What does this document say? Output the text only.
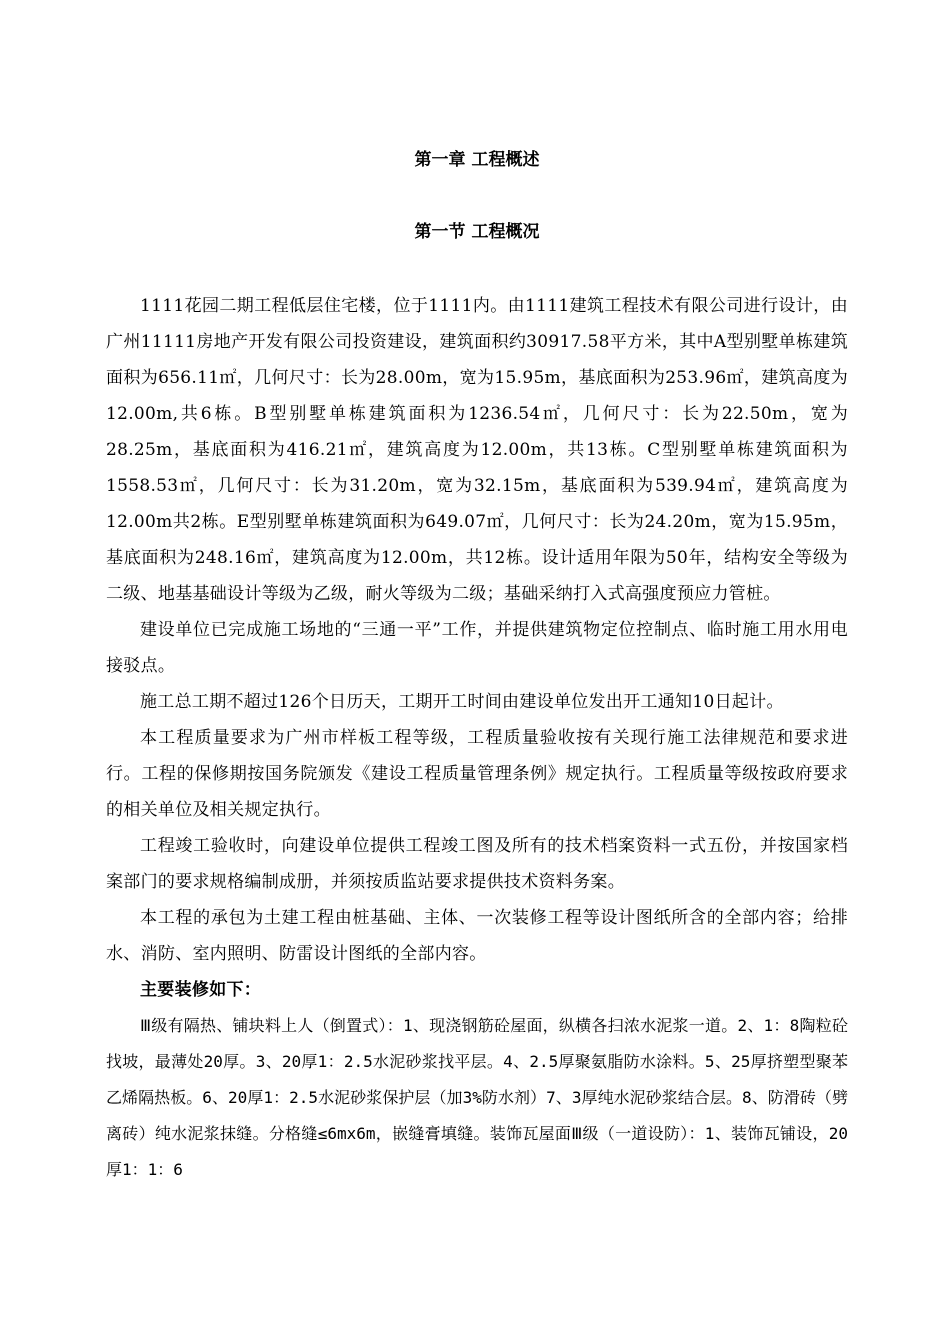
第一章 工程概述
第一节 工程概况

1111花园二期工程低层住宅楼，位于1111内。由1111建筑工程技术有限公司进行设计，由广州11111房地产开发有限公司投资建设，建筑面积约30917.58平方米，其中A型别墅单栋建筑面积为656.11㎡，几何尺寸：长为28.00m，宽为15.95m，基底面积为253.96㎡，建筑高度为12.00m,共6栋。B型别墅单栋建筑面积为1236.54㎡，几何尺寸：长为22.50m，宽为28.25m，基底面积为416.21㎡，建筑高度为12.00m，共13栋。C型别墅单栋建筑面积为1558.53㎡，几何尺寸：长为31.20m，宽为32.15m，基底面积为539.94㎡，建筑高度为12.00m共2栋。E型别墅单栋建筑面积为649.07㎡，几何尺寸：长为24.20m，宽为15.95m，基底面积为248.16㎡，建筑高度为12.00m，共12栋。设计适用年限为50年，结构安全等级为二级、地基基础设计等级为乙级，耐火等级为二级；基础采纳打入式高强度预应力管桩。

建设单位已完成施工场地的“三通一平”工作，并提供建筑物定位控制点、临时施工用水用电接驳点。

施工总工期不超过126个日历天，工期开工时间由建设单位发出开工通知10日起计。

本工程质量要求为广州市样板工程等级，工程质量验收按有关现行施工法律规范和要求进行。工程的保修期按国务院颁发《建设工程质量管理条例》规定执行。工程质量等级按政府要求的相关单位及相关规定执行。

工程竣工验收时，向建设单位提供工程竣工图及所有的技术档案资料一式五份，并按国家档案部门的要求规格编制成册，并须按质监站要求提供技术资料务案。

本工程的承包为土建工程由桩基础、主体、一次装修工程等设计图纸所含的全部内容；给排水、消防、室内照明、防雷设计图纸的全部内容。

主要装修如下：

Ⅲ级有隔热、铺块料上人（倒置式）：1、现浇钢筋砼屋面，纵横各扫浓水泥浆一道。2、1：8陶粒砼找坡，最薄处20厚。3、20厚1：2.5水泥砂浆找平层。4、2.5厚聚氨脂防水涂料。5、25厚挤塑型聚苯乙烯隔热板。6、20厚1：2.5水泥砂浆保护层（加3%防水剂）7、3厚纯水泥砂浆结合层。8、防滑砖（劈离砖）纯水泥浆抹缝。分格缝≤6mx6m，嵌缝膏填缝。装饰瓦屋面Ⅲ级（一道设防）：1、装饰瓦铺设，20厚1：1：6
